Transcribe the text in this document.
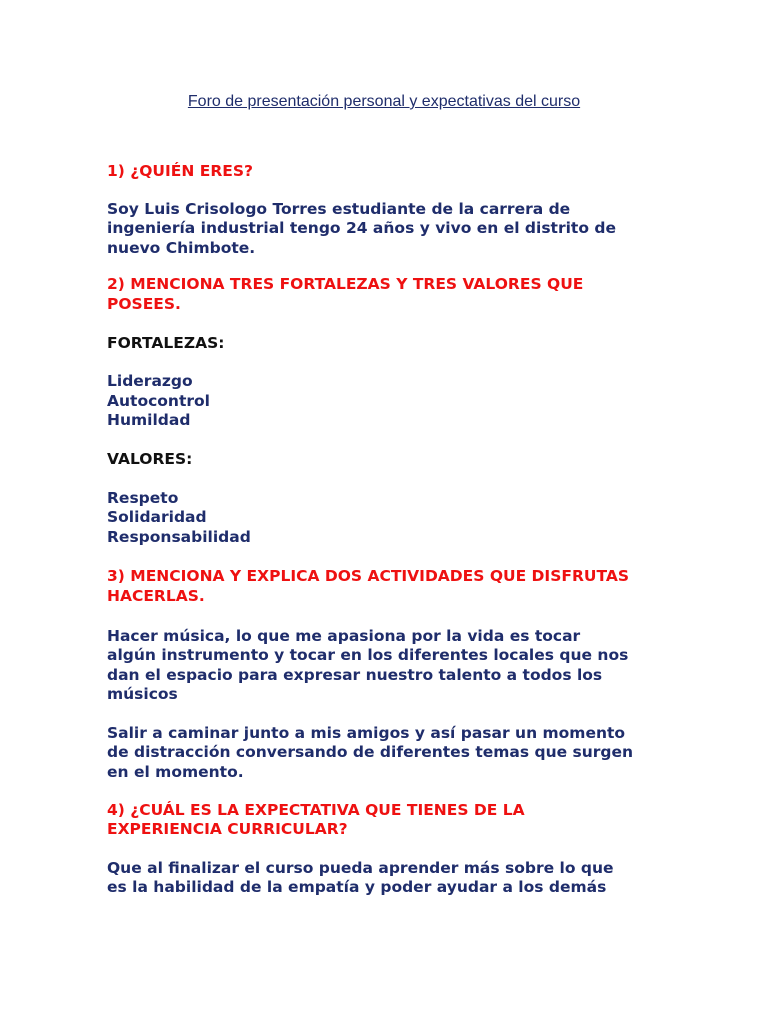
Foro de presentación personal y expectativas del curso

1) ¿QUIÉN ERES?

Soy Luis Crisologo Torres estudiante de la carrera de

ingeniería industrial tengo 24 años y vivo en el distrito de

nuevo Chimbote.

2) MENCIONA TRES FORTALEZAS Y TRES VALORES QUE

POSEES.

FORTALEZAS:

Liderazgo

Autocontrol

Humildad

VALORES:

Respeto

Solidaridad

Responsabilidad

3) MENCIONA Y EXPLICA DOS ACTIVIDADES QUE DISFRUTAS

HACERLAS.

Hacer música, lo que me apasiona por la vida es tocar

algún instrumento y tocar en los diferentes locales que nos

dan el espacio para expresar nuestro talento a todos los

músicos

Salir a caminar junto a mis amigos y así pasar un momento

de distracción conversando de diferentes temas que surgen

en el momento.

4) ¿CUÁL ES LA EXPECTATIVA QUE TIENES DE LA

EXPERIENCIA CURRICULAR?

Que al finalizar el curso pueda aprender más sobre lo que

es la habilidad de la empatía y poder ayudar a los demás
